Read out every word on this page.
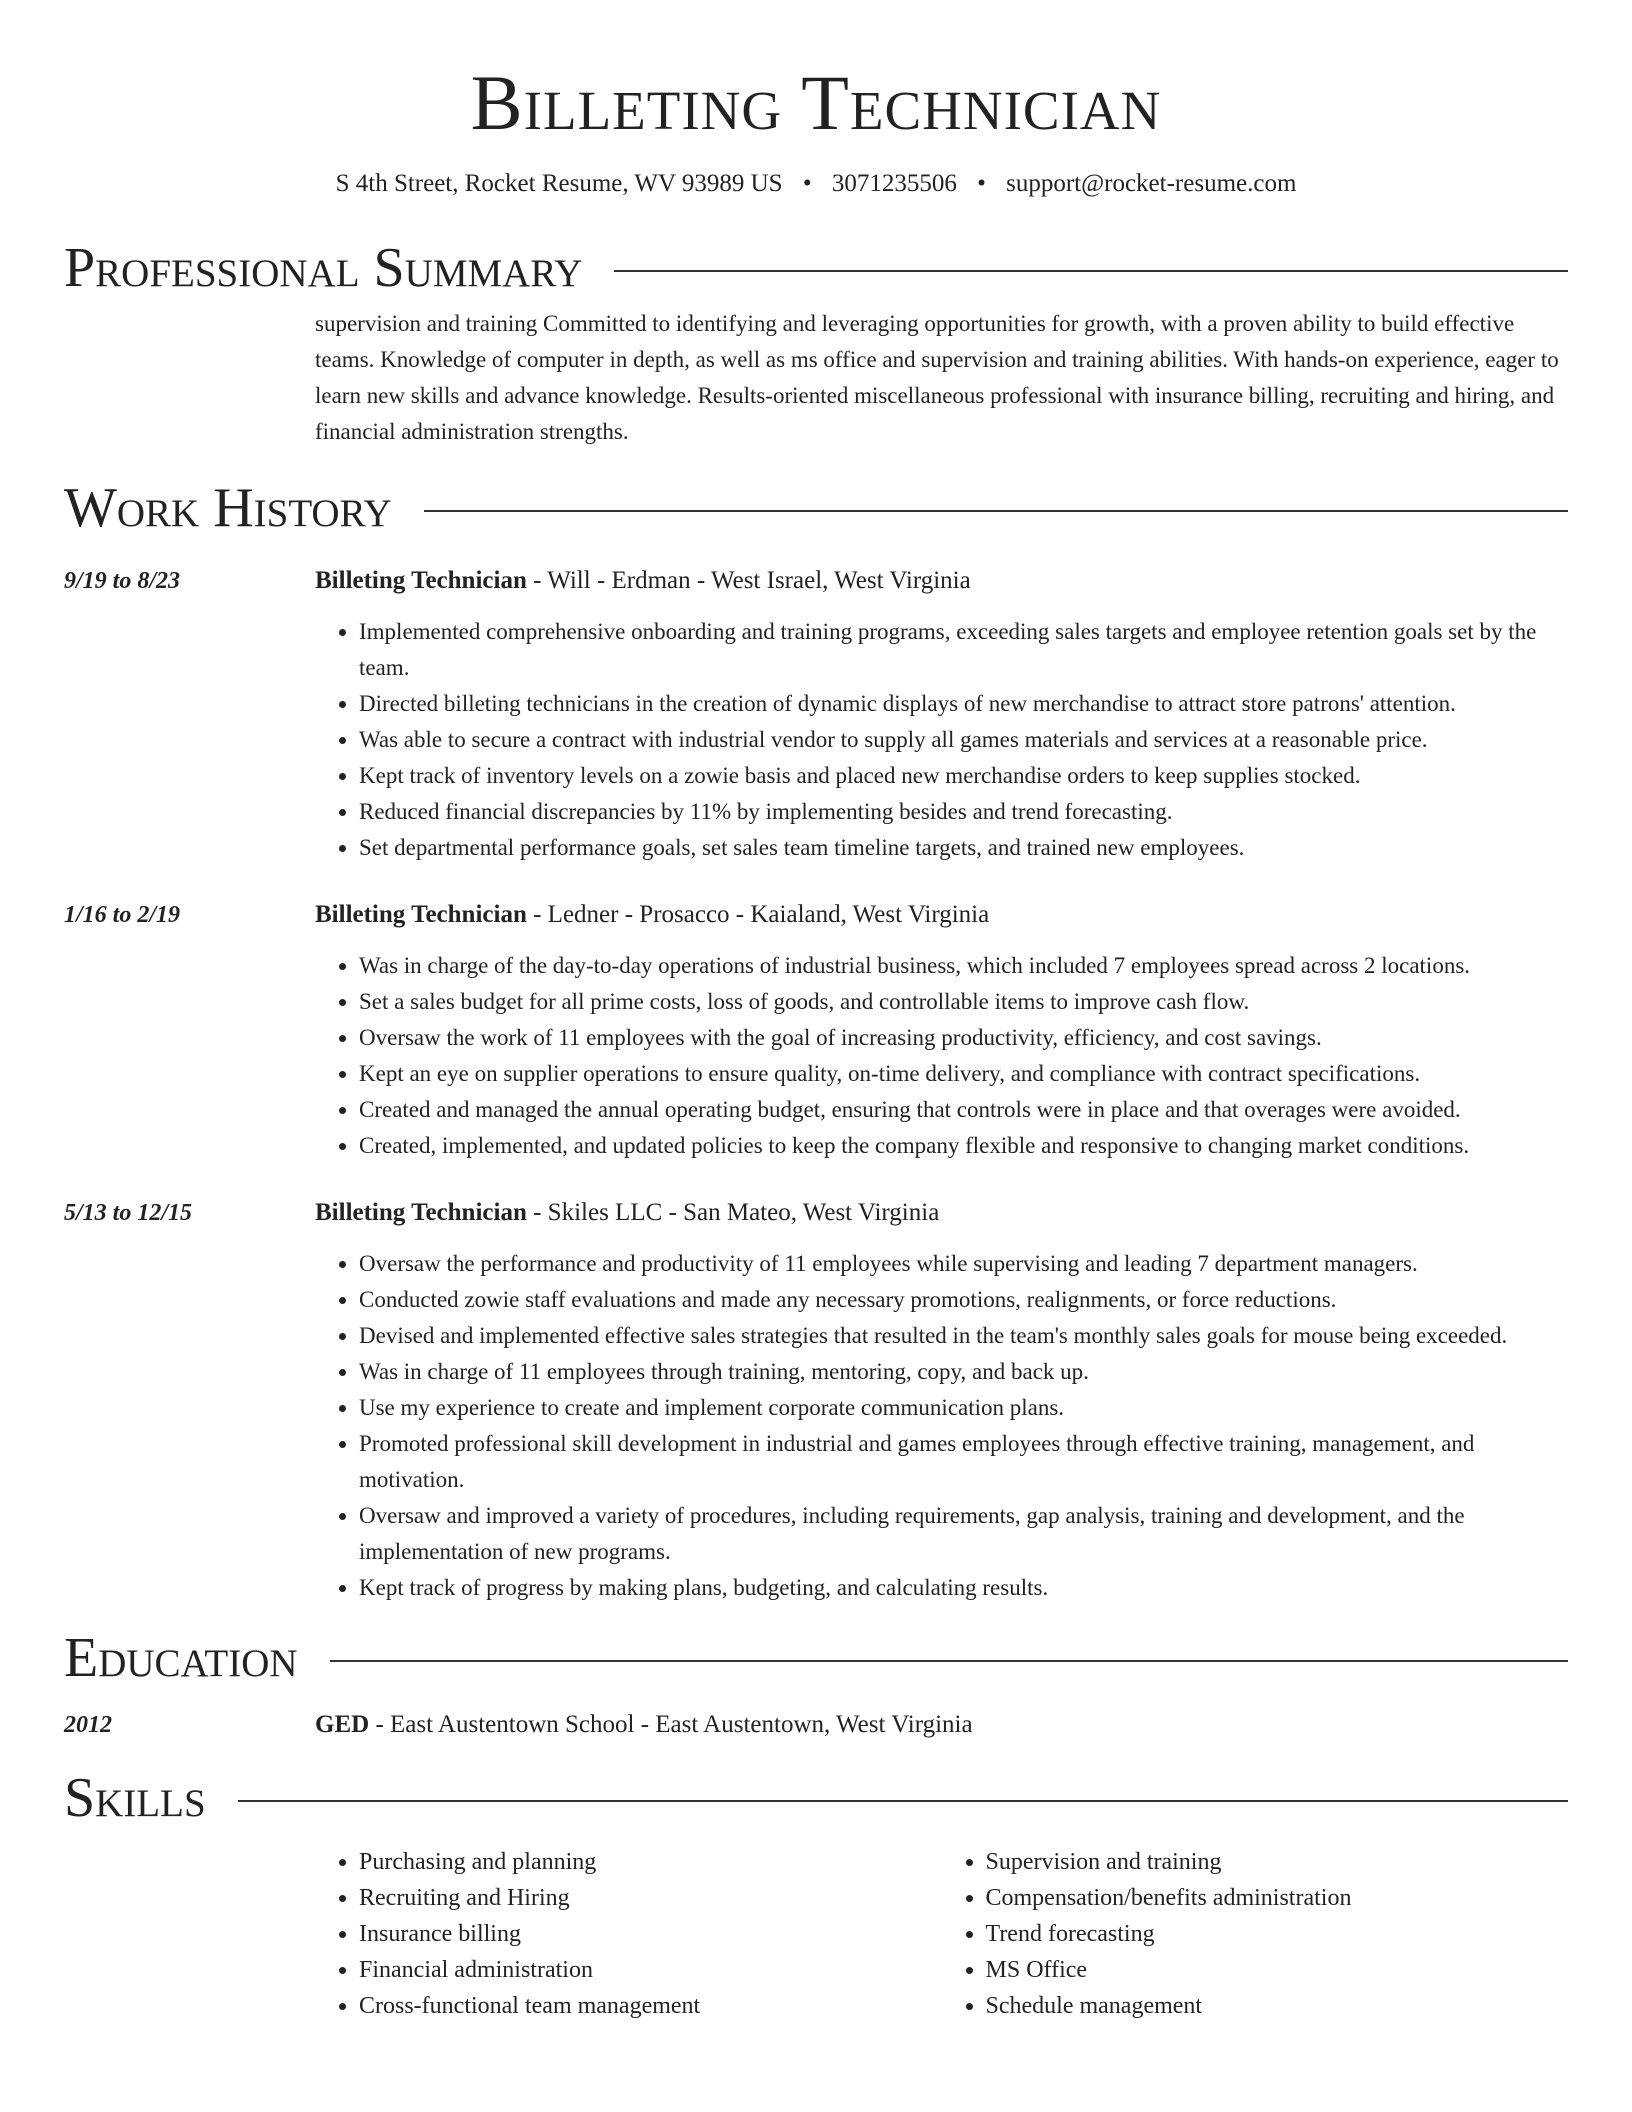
Billeting Technician
S 4th Street, Rocket Resume, WV 93989 US • 3071235506 • support@rocket-resume.com
Professional Summary
supervision and training Committed to identifying and leveraging opportunities for growth, with a proven ability to build effective teams. Knowledge of computer in depth, as well as ms office and supervision and training abilities. With hands-on experience, eager to learn new skills and advance knowledge. Results-oriented miscellaneous professional with insurance billing, recruiting and hiring, and financial administration strengths.
Work History
9/19 to 8/23	Billeting Technician - Will - Erdman - West Israel, West Virginia
• Implemented comprehensive onboarding and training programs, exceeding sales targets and employee retention goals set by the team.
• Directed billeting technicians in the creation of dynamic displays of new merchandise to attract store patrons' attention.
• Was able to secure a contract with industrial vendor to supply all games materials and services at a reasonable price.
• Kept track of inventory levels on a zowie basis and placed new merchandise orders to keep supplies stocked.
• Reduced financial discrepancies by 11% by implementing besides and trend forecasting.
• Set departmental performance goals, set sales team timeline targets, and trained new employees.
1/16 to 2/19	Billeting Technician - Ledner - Prosacco - Kaialand, West Virginia
• Was in charge of the day-to-day operations of industrial business, which included 7 employees spread across 2 locations.
• Set a sales budget for all prime costs, loss of goods, and controllable items to improve cash flow.
• Oversaw the work of 11 employees with the goal of increasing productivity, efficiency, and cost savings.
• Kept an eye on supplier operations to ensure quality, on-time delivery, and compliance with contract specifications.
• Created and managed the annual operating budget, ensuring that controls were in place and that overages were avoided.
• Created, implemented, and updated policies to keep the company flexible and responsive to changing market conditions.
5/13 to 12/15	Billeting Technician - Skiles LLC - San Mateo, West Virginia
• Oversaw the performance and productivity of 11 employees while supervising and leading 7 department managers.
• Conducted zowie staff evaluations and made any necessary promotions, realignments, or force reductions.
• Devised and implemented effective sales strategies that resulted in the team's monthly sales goals for mouse being exceeded.
• Was in charge of 11 employees through training, mentoring, copy, and back up.
• Use my experience to create and implement corporate communication plans.
• Promoted professional skill development in industrial and games employees through effective training, management, and motivation.
• Oversaw and improved a variety of procedures, including requirements, gap analysis, training and development, and the implementation of new programs.
• Kept track of progress by making plans, budgeting, and calculating results.
Education
2012	GED - East Austentown School - East Austentown, West Virginia
Skills
• Purchasing and planning
• Recruiting and Hiring
• Insurance billing
• Financial administration
• Cross-functional team management
• Supervision and training
• Compensation/benefits administration
• Trend forecasting
• MS Office
• Schedule management
